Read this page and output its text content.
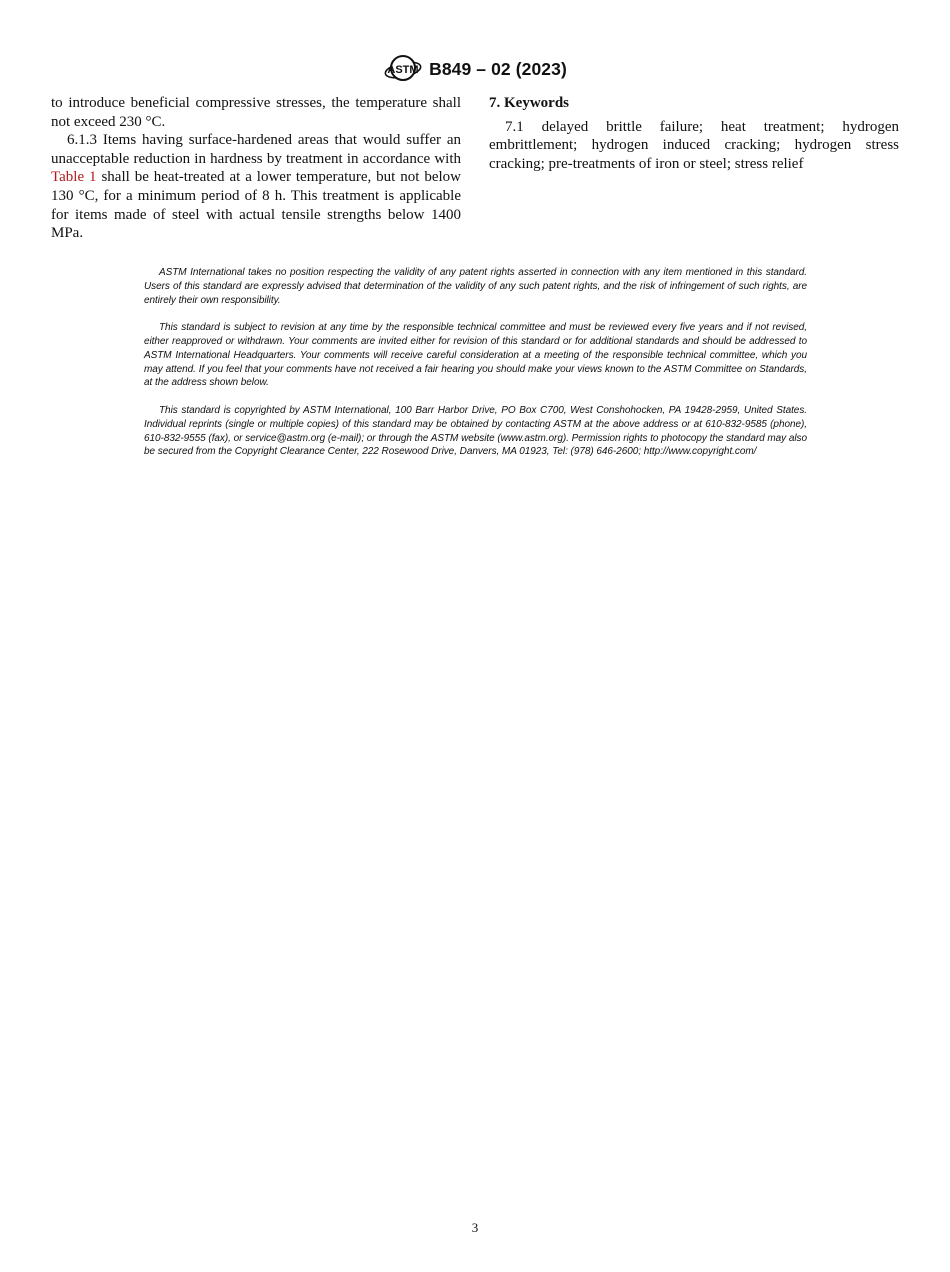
ASTM B849 – 02 (2023)

to introduce beneficial compressive stresses, the temperature shall not exceed 230 °C.

6.1.3 Items having surface-hardened areas that would suffer an unacceptable reduction in hardness by treatment in accordance with Table 1 shall be heat-treated at a lower temperature, but not below 130 °C, for a minimum period of 8 h. This treatment is applicable for items made of steel with actual tensile strengths below 1400 MPa.

7. Keywords

7.1 delayed brittle failure; heat treatment; hydrogen embrittlement; hydrogen induced cracking; hydrogen stress cracking; pre-treatments of iron or steel; stress relief

ASTM International takes no position respecting the validity of any patent rights asserted in connection with any item mentioned in this standard. Users of this standard are expressly advised that determination of the validity of any such patent rights, and the risk of infringement of such rights, are entirely their own responsibility.

This standard is subject to revision at any time by the responsible technical committee and must be reviewed every five years and if not revised, either reapproved or withdrawn. Your comments are invited either for revision of this standard or for additional standards and should be addressed to ASTM International Headquarters. Your comments will receive careful consideration at a meeting of the responsible technical committee, which you may attend. If you feel that your comments have not received a fair hearing you should make your views known to the ASTM Committee on Standards, at the address shown below.

This standard is copyrighted by ASTM International, 100 Barr Harbor Drive, PO Box C700, West Conshohocken, PA 19428-2959, United States. Individual reprints (single or multiple copies) of this standard may be obtained by contacting ASTM at the above address or at 610-832-9585 (phone), 610-832-9555 (fax), or service@astm.org (e-mail); or through the ASTM website (www.astm.org). Permission rights to photocopy the standard may also be secured from the Copyright Clearance Center, 222 Rosewood Drive, Danvers, MA 01923, Tel: (978) 646-2600; http://www.copyright.com/

3
